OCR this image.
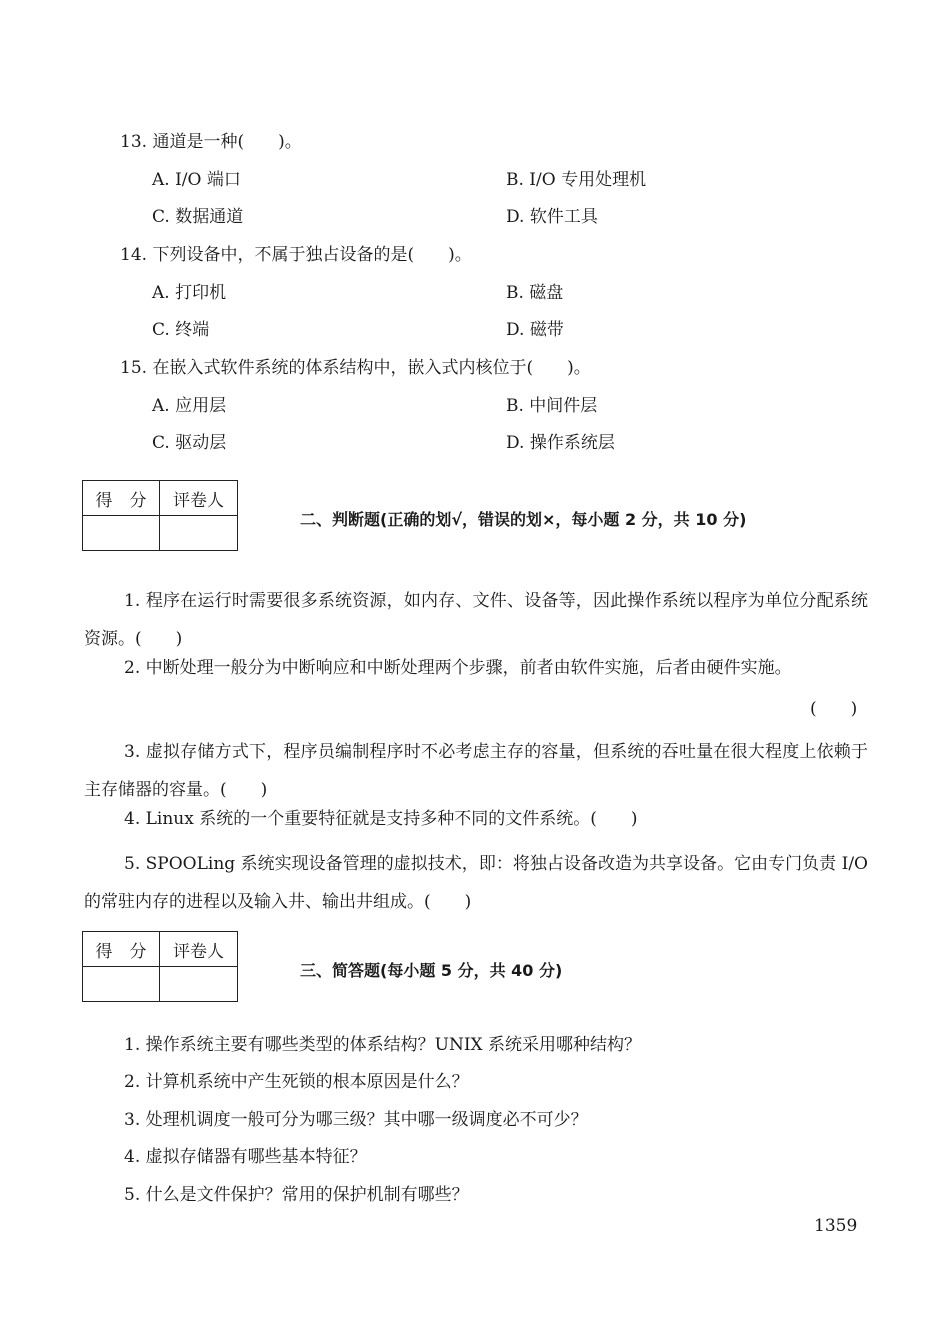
13. 通道是一种(　　)。
A. I/O 端口	B. I/O 专用处理机
C. 数据通道	D. 软件工具
14. 下列设备中，不属于独占设备的是(　　)。
A. 打印机	B. 磁盘
C. 终端	D. 磁带
15. 在嵌入式软件系统的体系结构中，嵌入式内核位于(　　)。
A. 应用层	B. 中间件层
C. 驱动层	D. 操作系统层
得　分	评卷人

二、判断题(正确的划√，错误的划×，每小题 2 分，共 10 分)
1. 程序在运行时需要很多系统资源，如内存、文件、设备等，因此操作系统以程序为单位分配系统资源。(　　)
2. 中断处理一般分为中断响应和中断处理两个步骤，前者由软件实施，后者由硬件实施。
(　　)
3. 虚拟存储方式下，程序员编制程序时不必考虑主存的容量，但系统的吞吐量在很大程度上依赖于主存储器的容量。(　　)
4. Linux 系统的一个重要特征就是支持多种不同的文件系统。(　　)
5. SPOOLing 系统实现设备管理的虚拟技术，即：将独占设备改造为共享设备。它由专门负责 I/O 的常驻内存的进程以及输入井、输出井组成。(　　)
得　分	评卷人

三、简答题(每小题 5 分，共 40 分)
1. 操作系统主要有哪些类型的体系结构？UNIX 系统采用哪种结构？
2. 计算机系统中产生死锁的根本原因是什么？
3. 处理机调度一般可分为哪三级？其中哪一级调度必不可少？
4. 虚拟存储器有哪些基本特征？
5. 什么是文件保护？常用的保护机制有哪些？
1359
